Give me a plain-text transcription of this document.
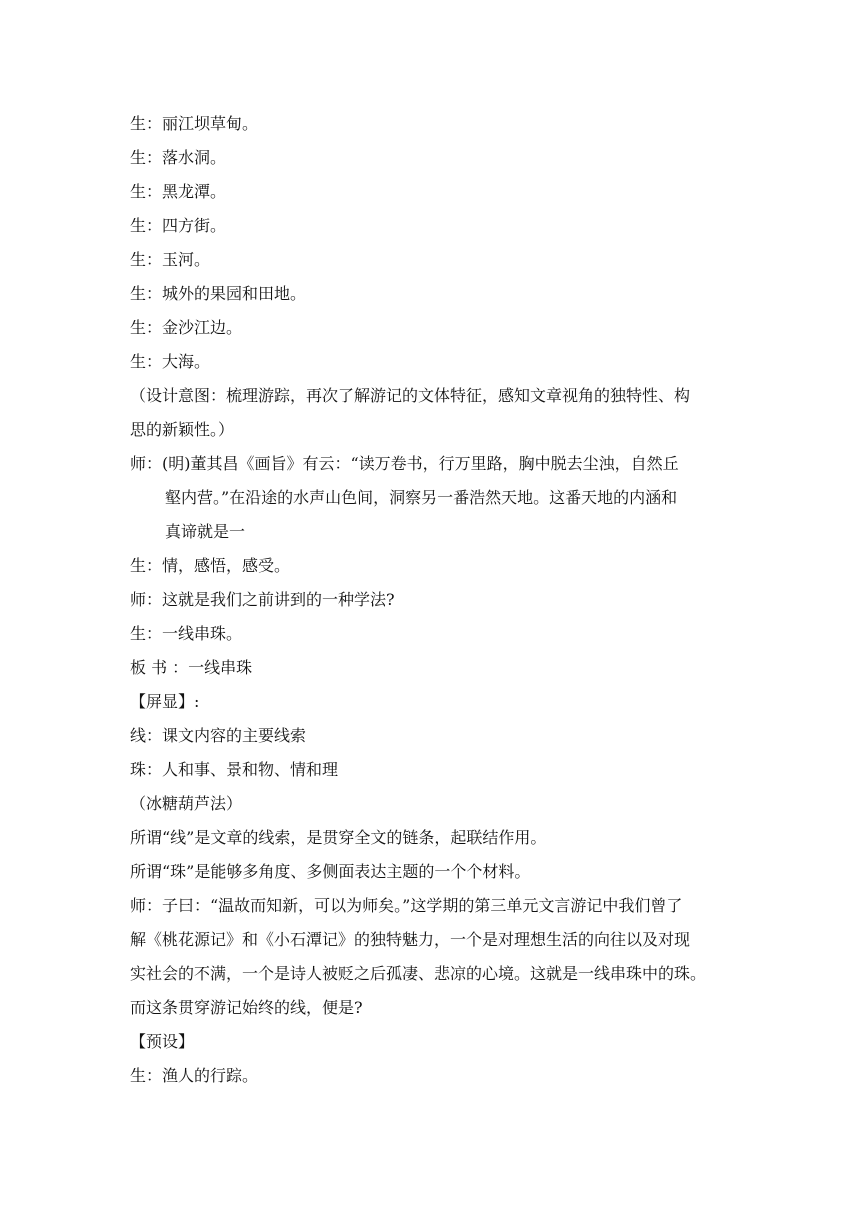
生：丽江坝草甸。
生：落水洞。
生：黑龙潭。
生：四方街。
生：玉河。
生：城外的果园和田地。
生：金沙江边。
生：大海。
（设计意图：梳理游踪，再次了解游记的文体特征，感知文章视角的独特性、构
思的新颖性。）
师：(明)董其昌《画旨》有云：“读万卷书，行万里路，胸中脱去尘浊，自然丘
壑内营。”在沿途的水声山色间，洞察另一番浩然天地。这番天地的内涵和
真谛就是一
生：情，感悟，感受。
师：这就是我们之前讲到的一种学法?
生：一线串珠。
板 书 ：一线串珠
【屏显】:
线：课文内容的主要线索
珠：人和事、景和物、情和理
（冰糖葫芦法）
所谓“线”是文章的线索，是贯穿全文的链条，起联结作用。
所谓“珠”是能够多角度、多侧面表达主题的一个个材料。
师：子曰：“温故而知新，可以为师矣。”这学期的第三单元文言游记中我们曾了
解《桃花源记》和《小石潭记》的独特魅力，一个是对理想生活的向往以及对现
实社会的不满，一个是诗人被贬之后孤凄、悲凉的心境。这就是一线串珠中的珠。
而这条贯穿游记始终的线，便是?
【预设】
生：渔人的行踪。
